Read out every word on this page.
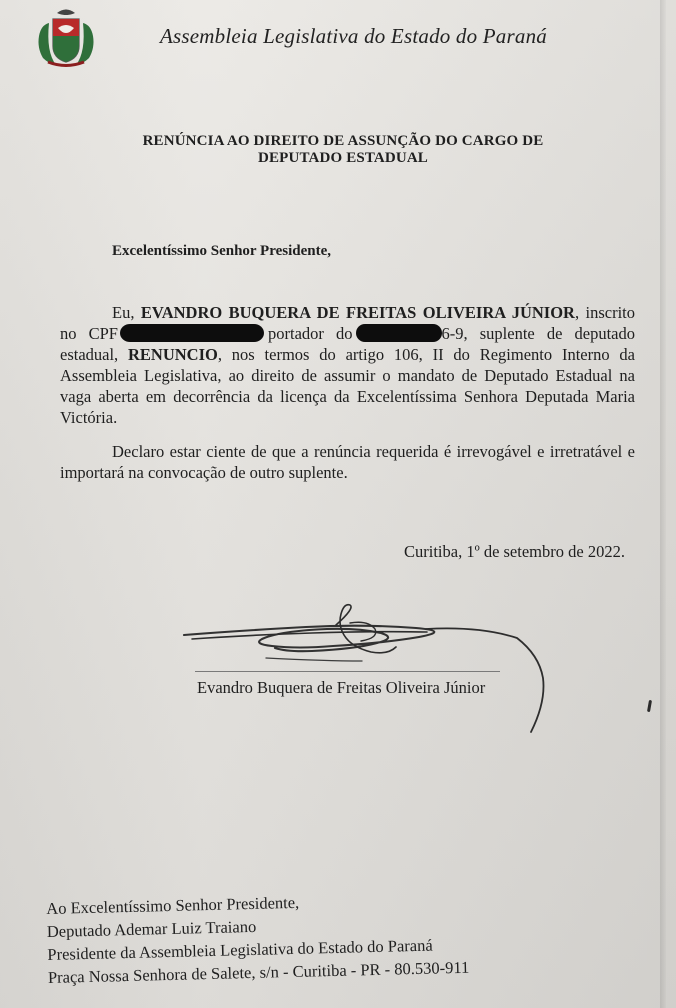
Assembleia Legislativa do Estado do Paraná
RENÚNCIA AO DIREITO DE ASSUNÇÃO DO CARGO DE
DEPUTADO ESTADUAL
Excelentíssimo Senhor Presidente,
Eu, EVANDRO BUQUERA DE FREITAS OLIVEIRA JÚNIOR, inscrito no CPF	portador do	6-9, suplente de deputado estadual, RENUNCIO, nos termos do artigo 106, II do Regimento Interno da Assembleia Legislativa, ao direito de assumir o mandato de Deputado Estadual na vaga aberta em decorrência da licença da Excelentíssima Senhora Deputada Maria Victória.
Declaro estar ciente de que a renúncia requerida é irrevogável e irretratável e importará na convocação de outro suplente.
Curitiba, 1º de setembro de 2022.
Evandro Buquera de Freitas Oliveira Júnior
Ao Excelentíssimo Senhor Presidente,
Deputado Ademar Luiz Traiano
Presidente da Assembleia Legislativa do Estado do Paraná
Praça Nossa Senhora de Salete, s/n - Curitiba - PR - 80.530-911
